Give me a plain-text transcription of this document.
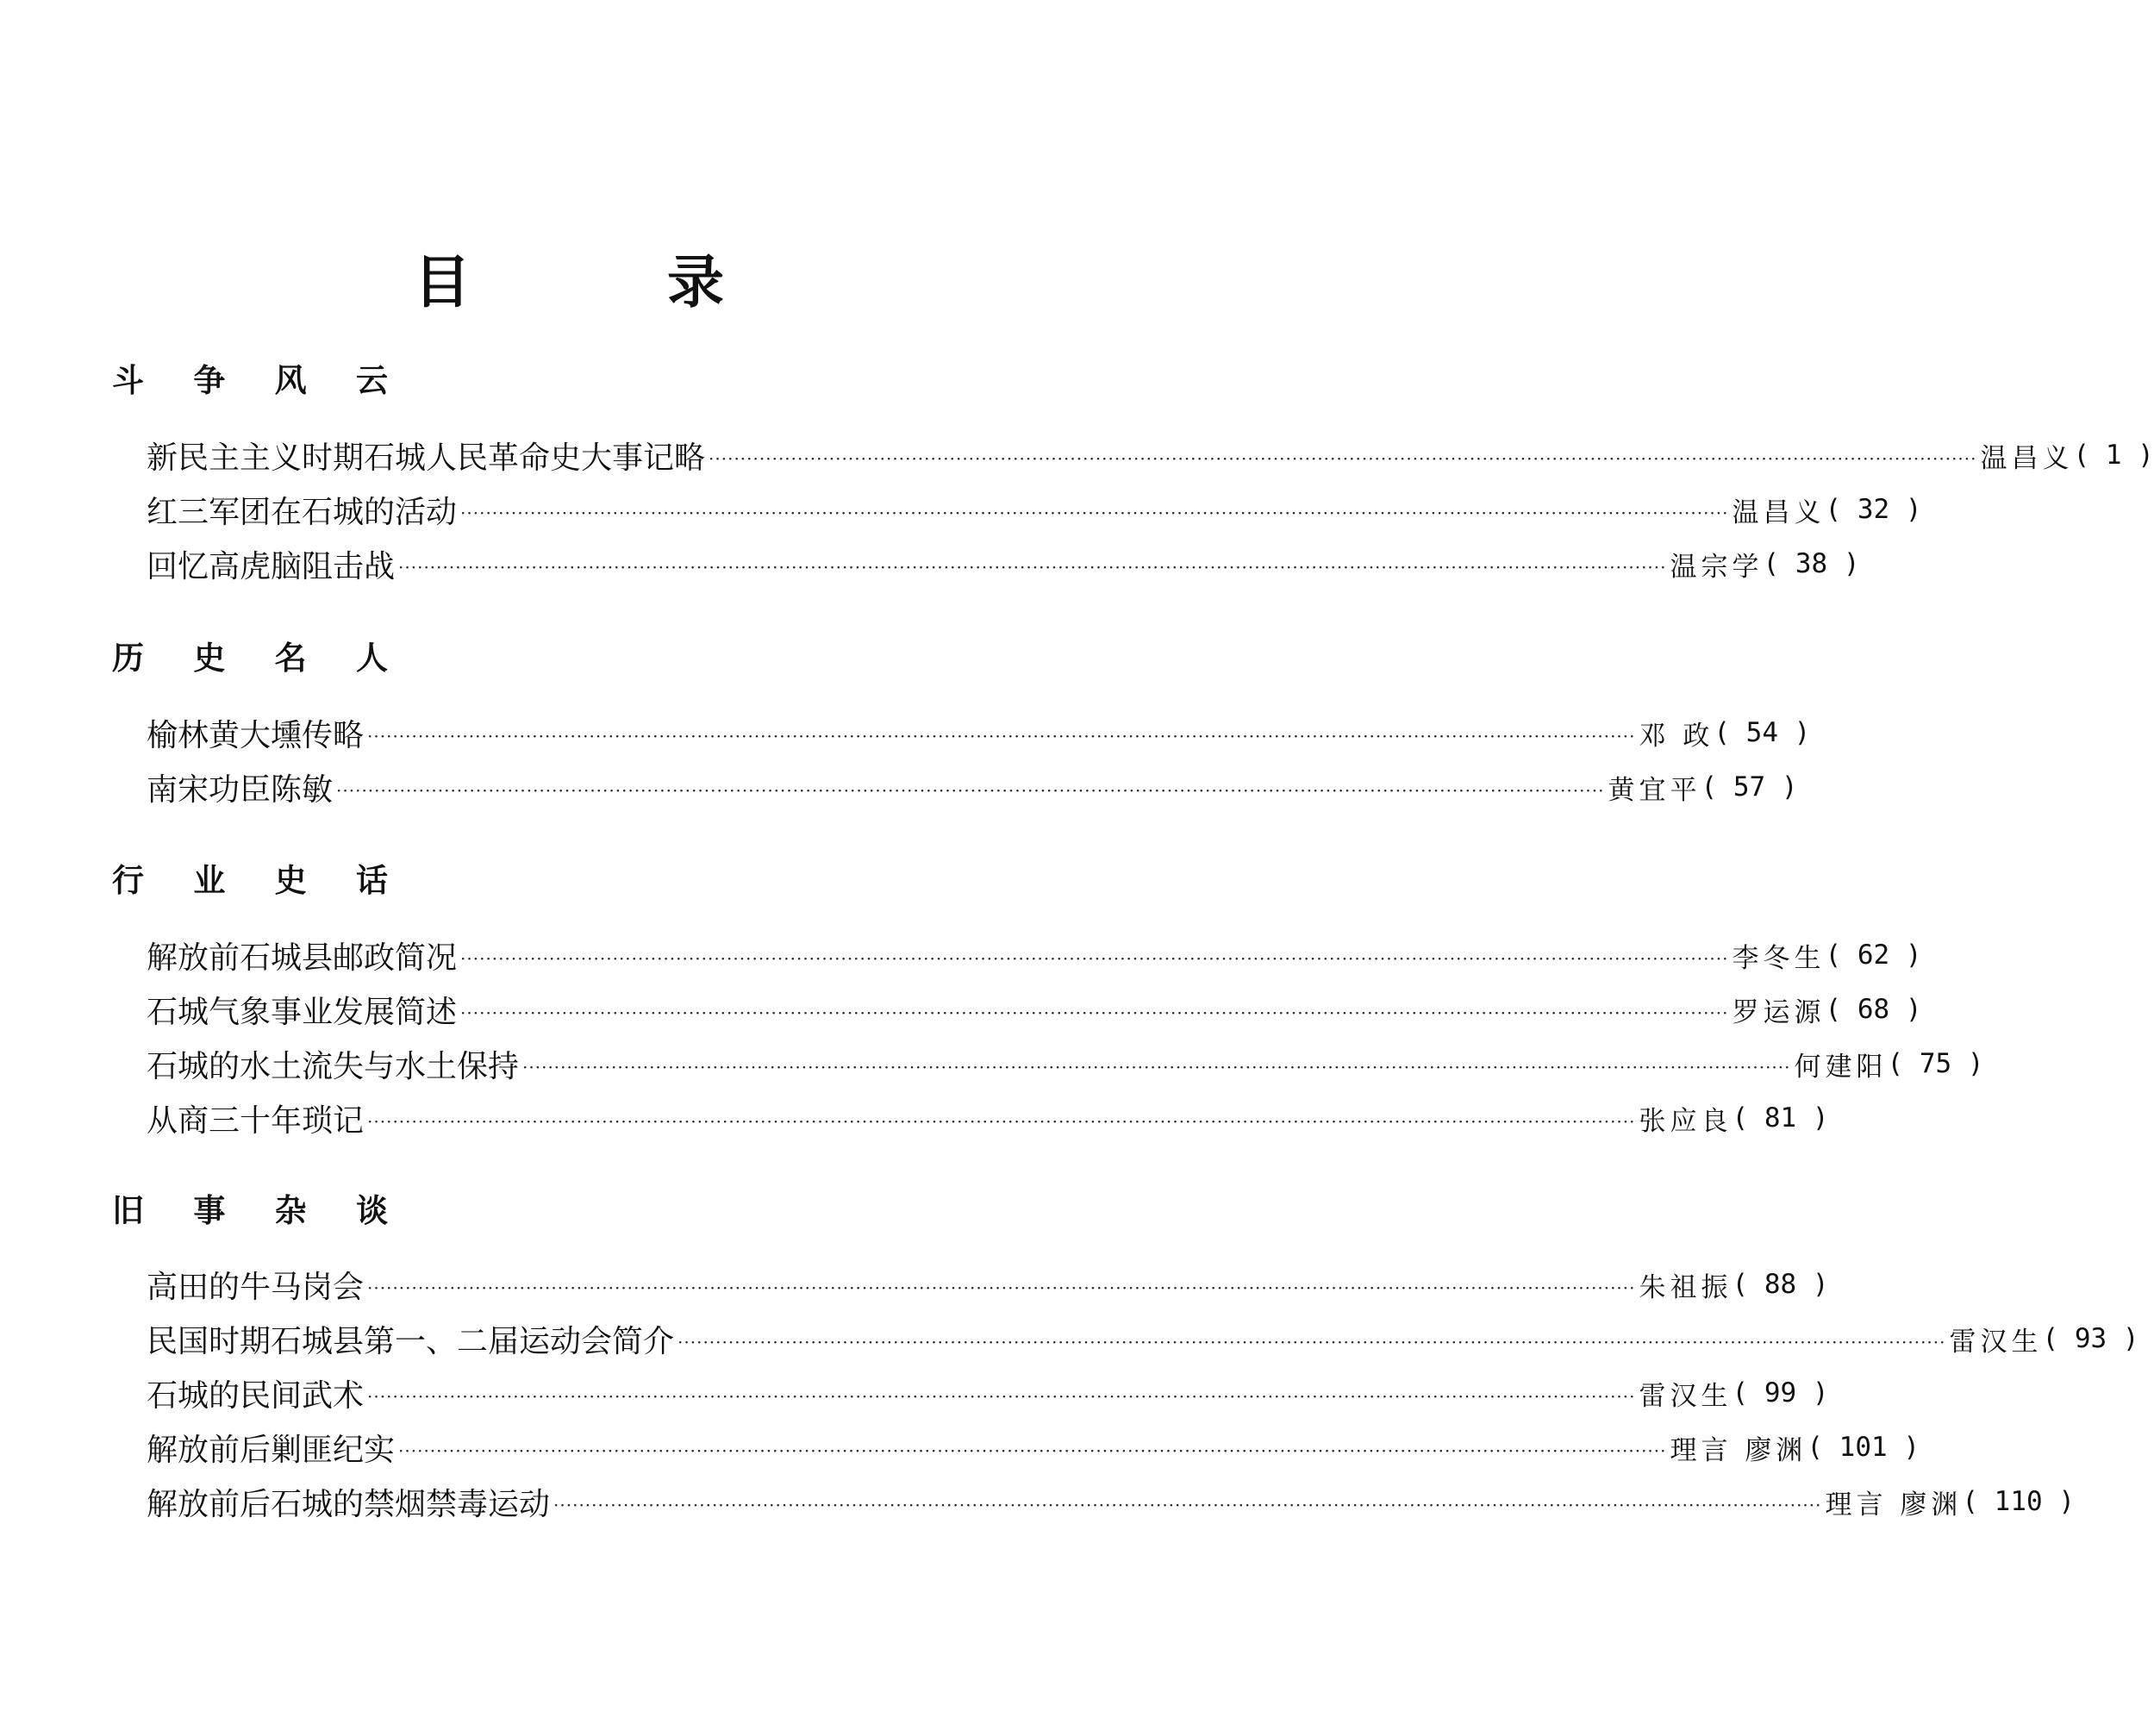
目	录
斗 争 风 云
新民主主义时期石城人民革命史大事记略 ········································································································································································································ 温昌义 ( 1 )
红三军团在石城的活动 ········································································································································································································ 温昌义 ( 32 )
回忆高虎脑阻击战 ········································································································································································································ 温宗学 ( 38 )
历 史 名 人
榆林黄大壎传略 ········································································································································································································ 邓 政 ( 54 )
南宋功臣陈敏 ········································································································································································································ 黄宜平 ( 57 )
行 业 史 话
解放前石城县邮政简况 ········································································································································································································ 李冬生 ( 62 )
石城气象事业发展简述 ········································································································································································································ 罗运源 ( 68 )
石城的水土流失与水土保持 ········································································································································································································ 何建阳 ( 75 )
从商三十年琐记 ········································································································································································································ 张应良 ( 81 )
旧 事 杂 谈
高田的牛马岗会 ········································································································································································································ 朱祖振 ( 88 )
民国时期石城县第一、二届运动会简介 ········································································································································································································ 雷汉生 ( 93 )
石城的民间武术 ········································································································································································································ 雷汉生 ( 99 )
解放前后剿匪纪实 ········································································································································································································ 理言 廖渊 ( 101 )
解放前后石城的禁烟禁毒运动 ········································································································································································································ 理言 廖渊 ( 110 )
